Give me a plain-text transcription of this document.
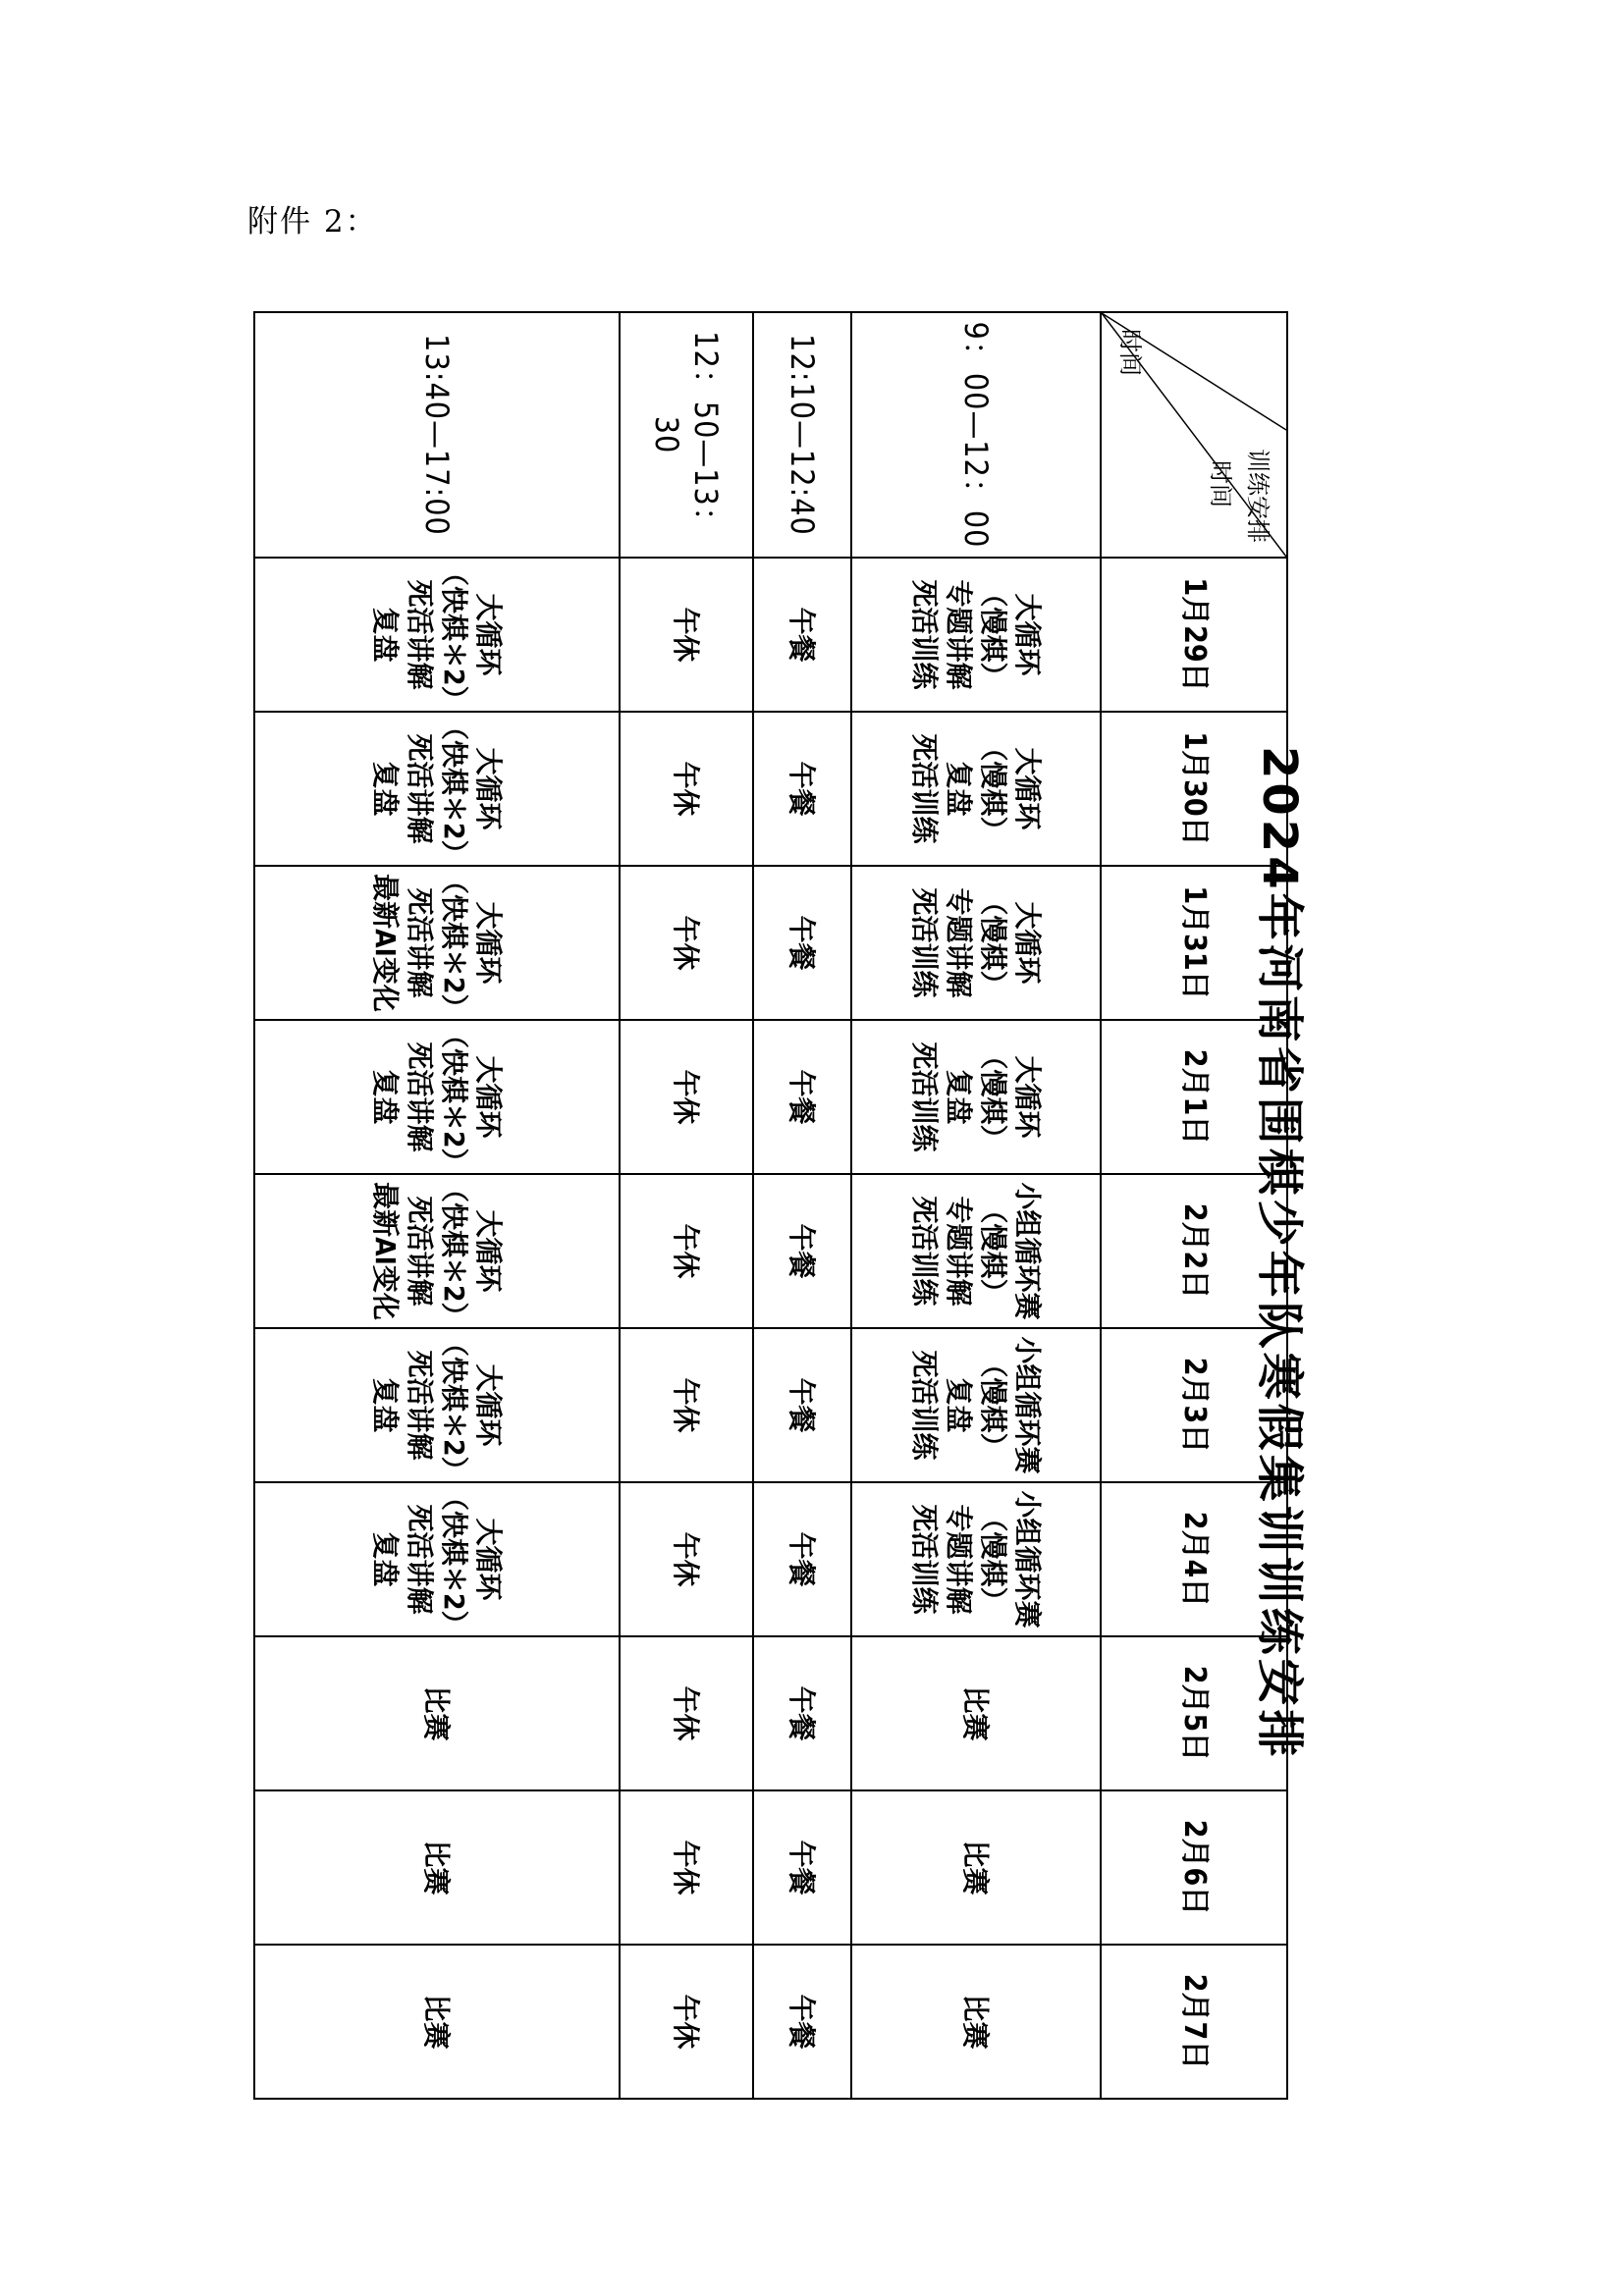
附件 2：
训练安排
时间
时间	1月29日	1月30日	1月31日	2月1日	2月2日	2月3日	2月4日	2月5日	2月6日	2月7日
9：00—12：00	大循环
（慢棋）
专题讲解
死活训练	大循环
（慢棋）
复盘
死活训练	大循环
（慢棋）
专题讲解
死活训练	大循环
（慢棋）
复盘
死活训练	小组循环赛
（慢棋）
专题讲解
死活训练	小组循环赛
（慢棋）
复盘
死活训练	小组循环赛
（慢棋）
专题讲解
死活训练	比赛	比赛	比赛

12:10—12:40	午餐	午餐	午餐	午餐	午餐	午餐	午餐	午餐	午餐	午餐
12：50—13：30	午休	午休	午休	午休	午休	午休	午休	午休	午休	午休
13:40—17:00	大循环
（快棋＊2）
死活讲解
复盘	大循环
（快棋＊2）
死活讲解
复盘	大循环
（快棋＊2）
死活讲解
最新AI变化	大循环
（快棋＊2）
死活讲解
复盘	大循环
（快棋＊2）
死活讲解
最新AI变化	大循环
（快棋＊2）
死活讲解
复盘	大循环
（快棋＊2）
死活讲解
复盘	比赛	比赛	比赛
2024年河南省围棋少年队寒假集训训练安排
